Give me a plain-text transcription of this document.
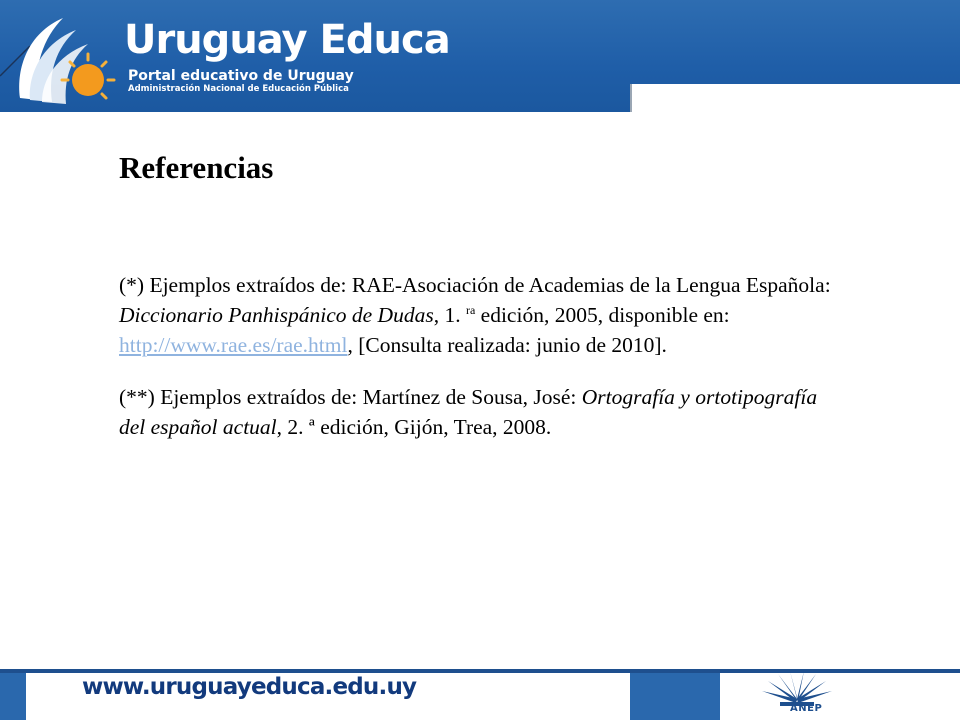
Uruguay Educa
Portal educativo de Uruguay
Administración Nacional de Educación Pública
Referencias

(*) Ejemplos extraídos de: RAE-Asociación de Academias de la Lengua Española: Diccionario Panhispánico de Dudas, 1. $^{ra}$ edición, 2005, disponible en: http://www.rae.es/rae.html, [Consulta realizada: junio de 2010].

(**) Ejemplos extraídos de: Martínez de Sousa, José: Ortografía y ortotipografía del español actual, 2. ª edición, Gijón, Trea, 2008.

www.uruguayeduca.edu.uy
ANEP
